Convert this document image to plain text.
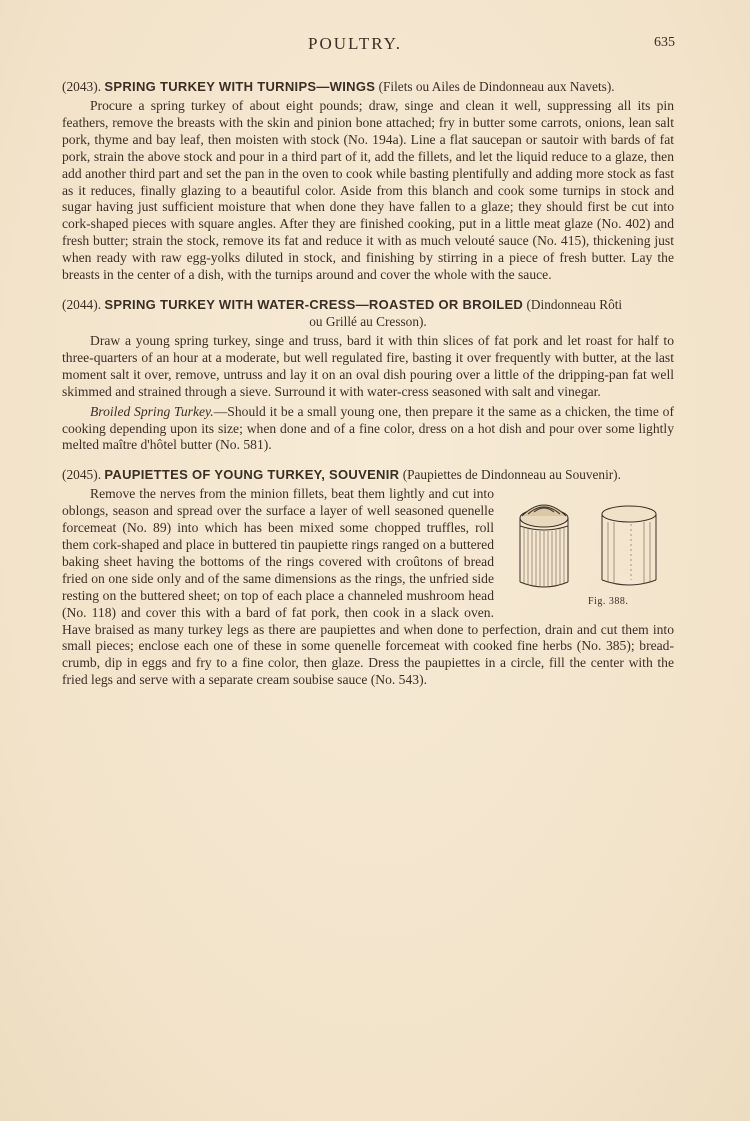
POULTRY.	635
(2043). SPRING TURKEY WITH TURNIPS—WINGS (Filets ou Ailes de Dindonneau aux Navets).

Procure a spring turkey of about eight pounds; draw, singe and clean it well, suppressing all its pin feathers, remove the breasts with the skin and pinion bone attached; fry in butter some carrots, onions, lean salt pork, thyme and bay leaf, then moisten with stock (No. 194a). Line a flat saucepan or sautoir with bards of fat pork, strain the above stock and pour in a third part of it, add the fillets, and let the liquid reduce to a glaze, then add another third part and set the pan in the oven to cook while basting plentifully and adding more stock as fast as it reduces, finally glazing to a beautiful color. Aside from this blanch and cook some turnips in stock and sugar having just sufficient moisture that when done they have fallen to a glaze; they should first be cut into cork-shaped pieces with square angles. After they are finished cooking, put in a little meat glaze (No. 402) and fresh butter; strain the stock, remove its fat and reduce it with as much velouté sauce (No. 415), thickening just when ready with raw egg-yolks diluted in stock, and finishing by stirring in a piece of fresh butter. Lay the breasts in the center of a dish, with the turnips around and cover the whole with the sauce.

(2044). SPRING TURKEY WITH WATER-CRESS—ROASTED OR BROILED (Dindonneau Rôti
ou Grillé au Cresson).

Draw a young spring turkey, singe and truss, bard it with thin slices of fat pork and let roast for half to three-quarters of an hour at a moderate, but well regulated fire, basting it over frequently with butter, at the last moment salt it over, remove, untruss and lay it on an oval dish pouring over a little of the dripping-pan fat well skimmed and strained through a sieve. Surround it with water-cress seasoned with salt and vinegar.

Broiled Spring Turkey.—Should it be a small young one, then prepare it the same as a chicken, the time of cooking depending upon its size; when done and of a fine color, dress on a hot dish and pour over some lightly melted maître d'hôtel butter (No. 581).

(2045). PAUPIETTES OF YOUNG TURKEY, SOUVENIR (Paupiettes de Dindonneau au Souvenir).

Fig. 388.
Remove the nerves from the minion fillets, beat them lightly and cut into oblongs, season and spread over the surface a layer of well seasoned quenelle forcemeat (No. 89) into which has been mixed some chopped truffles, roll them cork-shaped and place in buttered tin paupiette rings ranged on a buttered baking sheet having the bottoms of the rings covered with croûtons of bread fried on one side only and of the same dimensions as the rings, the unfried side resting on the buttered sheet; on top of each place a channeled mushroom head (No. 118) and cover this with a bard of fat pork, then cook in a slack oven. Have braised as many turkey legs as there are paupiettes and when done to perfection, drain and cut them into small pieces; enclose each one of these in some quenelle forcemeat with cooked fine herbs (No. 385); bread-crumb, dip in eggs and fry to a fine color, then glaze. Dress the paupiettes in a circle, fill the center with the fried legs and serve with a separate cream soubise sauce (No. 543).
